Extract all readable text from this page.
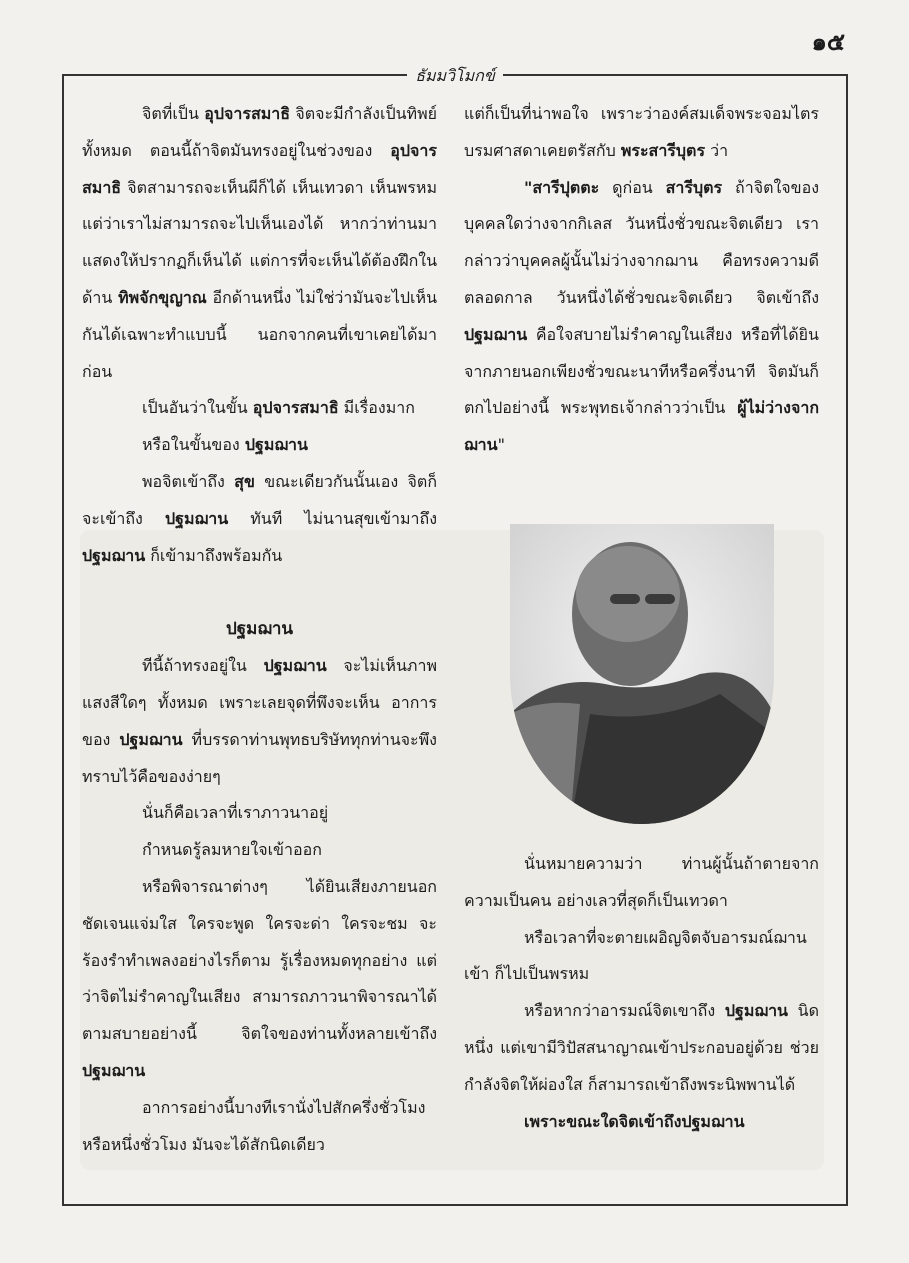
๑๕
ธัมมวิโมกข์

จิตที่เป็น อุปจารสมาธิ จิตจะมีกำลังเป็นทิพย์ทั้งหมด ตอนนี้ถ้าจิตมันทรงอยู่ในช่วงของ อุปจารสมาธิ จิตสามารถจะเห็นผีก็ได้ เห็นเทวดา เห็นพรหม แต่ว่าเราไม่สามารถจะไปเห็นเองได้ หากว่าท่านมาแสดงให้ปรากฏก็เห็นได้ แต่การที่จะเห็นได้ต้องฝึกในด้าน ทิพจักขุญาณ อีกด้านหนึ่ง ไม่ใช่ว่ามันจะไปเห็นกันได้เฉพาะทำแบบนี้ นอกจากคนที่เขาเคยได้มาก่อน

เป็นอันว่าในขั้น อุปจารสมาธิ มีเรื่องมาก

หรือในขั้นของ ปฐมฌาน

พอจิตเข้าถึง สุข ขณะเดียวกันนั้นเอง จิตก็จะเข้าถึง ปฐมฌาน ทันที ไม่นานสุขเข้ามาถึง ปฐมฌาน ก็เข้ามาถึงพร้อมกัน

ปฐมฌาน

ทีนี้ถ้าทรงอยู่ใน ปฐมฌาน จะไม่เห็นภาพ แสงสีใดๆ ทั้งหมด เพราะเลยจุดที่พึงจะเห็น อาการของ ปฐมฌาน ที่บรรดาท่านพุทธบริษัททุกท่านจะพึงทราบไว้คือของง่ายๆ

นั่นก็คือเวลาที่เราภาวนาอยู่

กำหนดรู้ลมหายใจเข้าออก

หรือพิจารณาต่างๆ ได้ยินเสียงภายนอกชัดเจนแจ่มใส ใครจะพูด ใครจะด่า ใครจะชม จะร้องรำทำเพลงอย่างไรก็ตาม รู้เรื่องหมดทุกอย่าง แต่ว่าจิตไม่รำคาญในเสียง สามารถภาวนาพิจารณาได้ตามสบายอย่างนี้ จิตใจของท่านทั้งหลายเข้าถึง ปฐมฌาน

อาการอย่างนี้บางทีเรานั่งไปสักครึ่งชั่วโมง หรือหนึ่งชั่วโมง มันจะได้สักนิดเดียว

แต่ก็เป็นที่น่าพอใจ เพราะว่าองค์สมเด็จพระจอมไตรบรมศาสดาเคยตรัสกับ พระสารีบุตร ว่า

"สารีปุตตะ ดูก่อน สารีบุตร ถ้าจิตใจของบุคคลใดว่างจากกิเลส วันหนึ่งชั่วขณะจิตเดียว เรากล่าวว่าบุคคลผู้นั้นไม่ว่างจากฌาน คือทรงความดีตลอดกาล วันหนึ่งได้ชั่วขณะจิตเดียว จิตเข้าถึง ปฐมฌาน คือใจสบายไม่รำคาญในเสียง หรือที่ได้ยินจากภายนอกเพียงชั่วขณะนาทีหรือครึ่งนาที จิตมันก็ตกไปอย่างนี้ พระพุทธเจ้ากล่าวว่าเป็น ผู้ไม่ว่างจากฌาน"

นั่นหมายความว่า ท่านผู้นั้นถ้าตายจากความเป็นคน อย่างเลวที่สุดก็เป็นเทวดา

หรือเวลาที่จะตายเผอิญจิตจับอารมณ์ฌานเข้า ก็ไปเป็นพรหม

หรือหากว่าอารมณ์จิตเขาถึง ปฐมฌาน นิดหนึ่ง แต่เขามีวิปัสสนาญาณเข้าประกอบอยู่ด้วย ช่วยกำลังจิตให้ผ่องใส ก็สามารถเข้าถึงพระนิพพานได้

เพราะขณะใดจิตเข้าถึงปฐมฌาน
